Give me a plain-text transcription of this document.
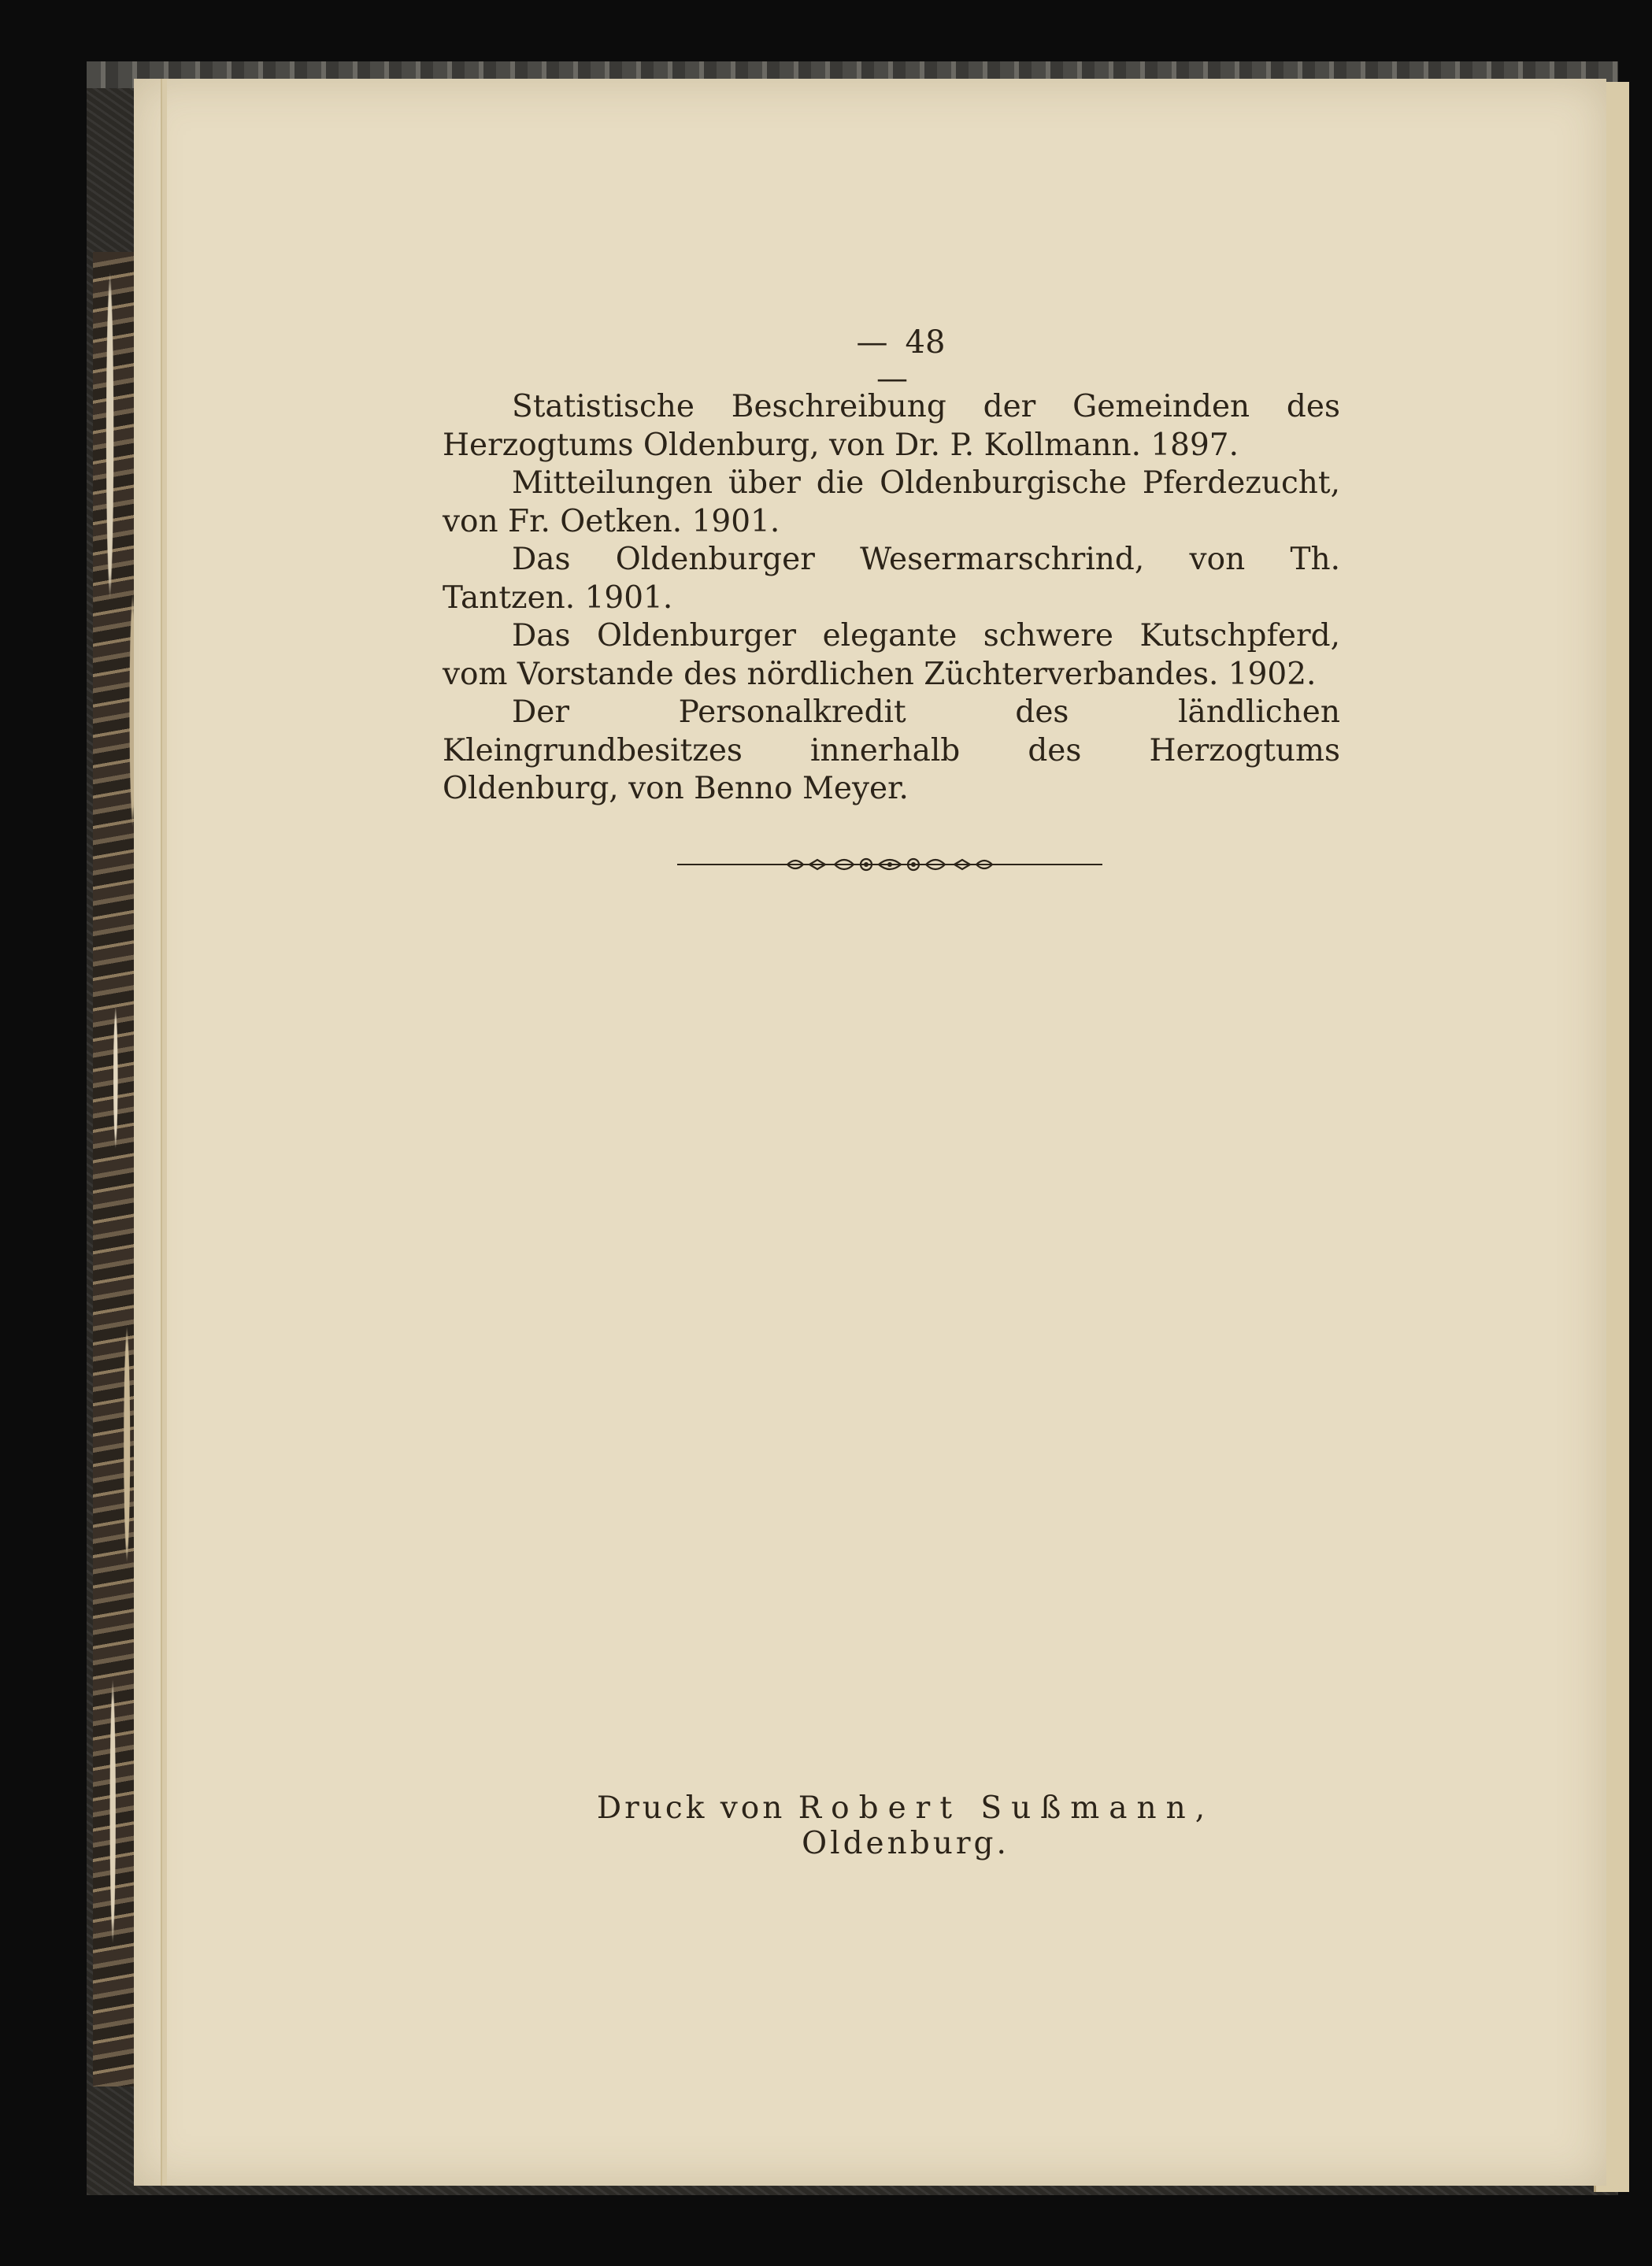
— 48—

Statistische Beschreibung der Gemeinden des Herzogtums Oldenburg, von Dr. P. Kollmann. 1897.

Mitteilungen über die Oldenburgische Pferdezucht, von Fr. Oetken. 1901.

Das Oldenburger Wesermarschrind, von Th. Tantzen. 1901.

Das Oldenburger elegante schwere Kutschpferd, vom Vorstande des nördlichen Züchterverbandes. 1902.

Der Personalkredit des ländlichen Kleingrundbesitzes innerhalb des Herzogtums Oldenburg, von Benno Meyer.

Druck von Robert Sußmann, Oldenburg.
